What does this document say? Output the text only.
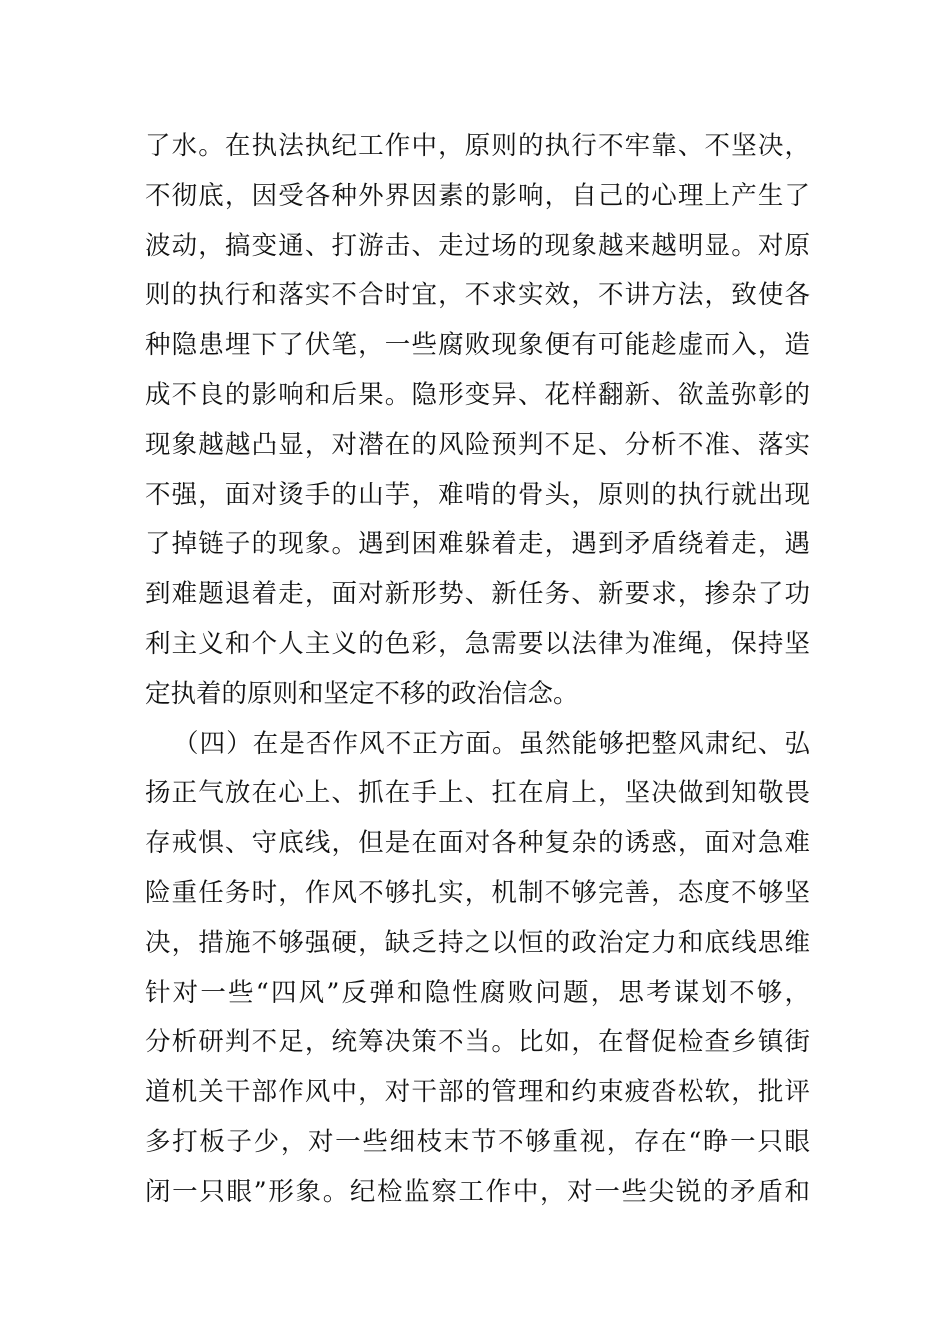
了水。在执法执纪工作中，原则的执行不牢靠、不坚决，
不彻底，因受各种外界因素的影响，自己的心理上产生了
波动，搞变通、打游击、走过场的现象越来越明显。对原
则的执行和落实不合时宜，不求实效，不讲方法，致使各
种隐患埋下了伏笔，一些腐败现象便有可能趁虚而入，造
成不良的影响和后果。隐形变异、花样翻新、欲盖弥彰的
现象越越凸显，对潜在的风险预判不足、分析不准、落实
不强，面对烫手的山芋，难啃的骨头，原则的执行就出现
了掉链子的现象。遇到困难躲着走，遇到矛盾绕着走，遇
到难题退着走，面对新形势、新任务、新要求，掺杂了功
利主义和个人主义的色彩，急需要以法律为准绳，保持坚
定执着的原则和坚定不移的政治信念。
（四）在是否作风不正方面。虽然能够把整风肃纪、弘
扬正气放在心上、抓在手上、扛在肩上，坚决做到知敬畏
存戒惧、守底线，但是在面对各种复杂的诱惑，面对急难
险重任务时，作风不够扎实，机制不够完善，态度不够坚
决，措施不够强硬，缺乏持之以恒的政治定力和底线思维
针对一些“四风”反弹和隐性腐败问题，思考谋划不够，
分析研判不足，统筹决策不当。比如，在督促检查乡镇街
道机关干部作风中，对干部的管理和约束疲沓松软，批评
多打板子少，对一些细枝末节不够重视，存在“睁一只眼
闭一只眼”形象。纪检监察工作中，对一些尖锐的矛盾和
